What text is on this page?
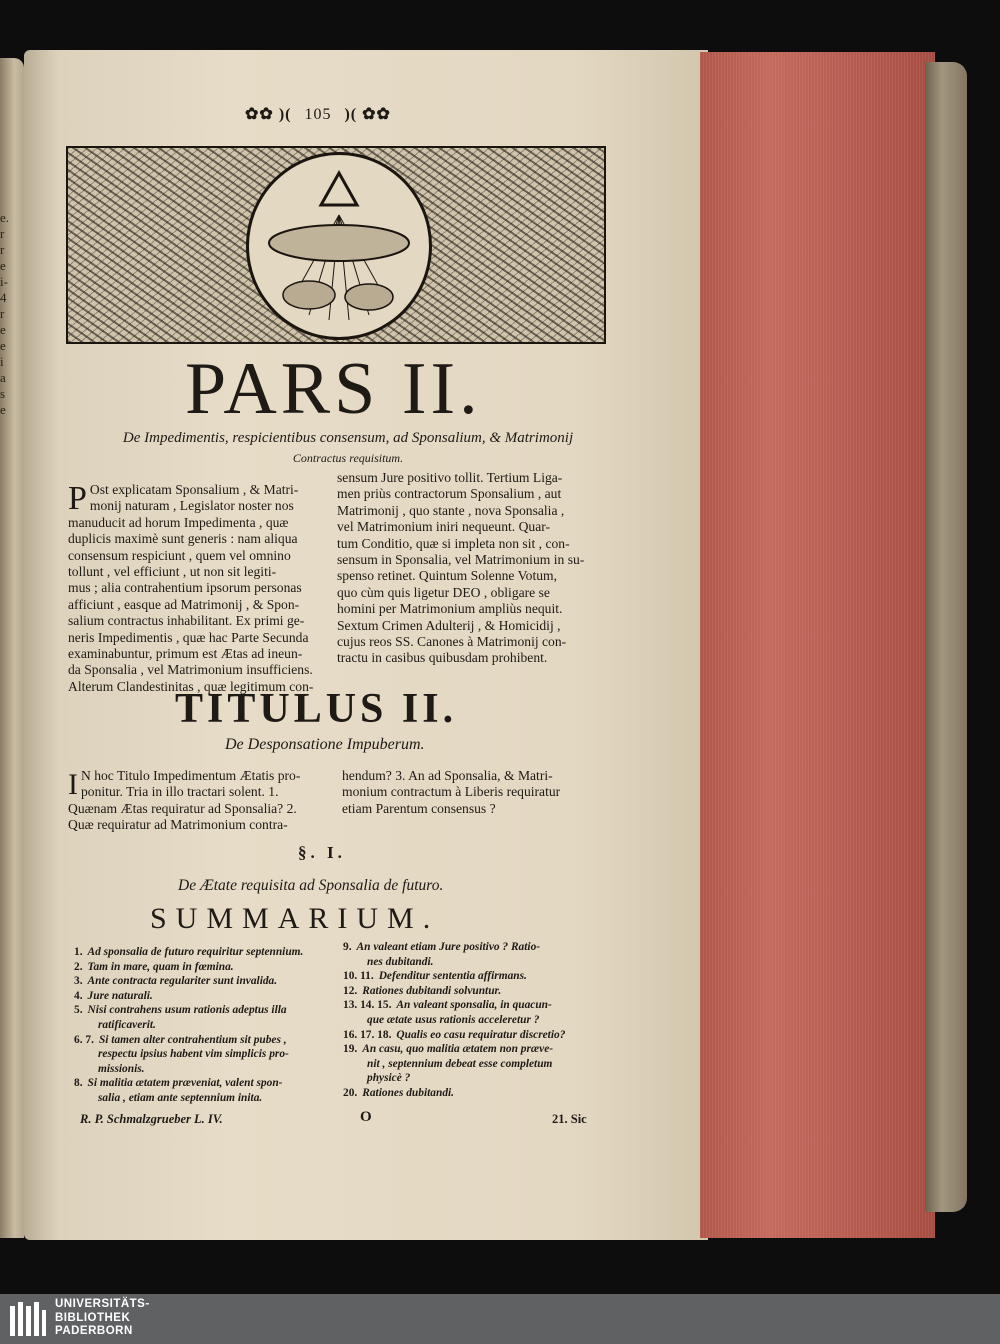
e.
r
r
e
i-
4
r
e
e
i
a
s
e
✿✿ )( 105 )( ✿✿
PARS II.
De Impedimentis, respicientibus consensum, ad Sponsalium, & Matrimonij
Contractus requisitum.
P Ost explicatam Sponsalium , & Matri-
monij naturam , Legislator noster nos
manuducit ad horum Impedimenta , quæ
duplicis maximè sunt generis : nam aliqua
consensum respiciunt , quem vel omnino
tollunt , vel efficiunt , ut non sit legiti-
mus ; alia contrahentium ipsorum personas
afficiunt , easque ad Matrimonij , & Spon-
salium contractus inhabilitant. Ex primi ge-
neris Impedimentis , quæ hac Parte Secunda
examinabuntur, primum est Ætas ad ineun-
da Sponsalia , vel Matrimonium insufficiens.
Alterum Clandestinitas , quæ legitimum con-
sensum Jure positivo tollit. Tertium Liga-
men priùs contractorum Sponsalium , aut
Matrimonij , quo stante , nova Sponsalia ,
vel Matrimonium iniri nequeunt. Quar-
tum Conditio, quæ si impleta non sit , con-
sensum in Sponsalia, vel Matrimonium in su-
spenso retinet. Quintum Solenne Votum,
quo cùm quis ligetur DEO , obligare se
homini per Matrimonium ampliùs nequit.
Sextum Crimen Adulterij , & Homicidij ,
cujus reos SS. Canones à Matrimonij con-
tractu in casibus quibusdam prohibent.
TITULUS II.
De Desponsatione Impuberum.
I N hoc Titulo Impedimentum Ætatis pro-
ponitur. Tria in illo tractari solent. 1.
Quænam Ætas requiratur ad Sponsalia? 2.
Quæ requiratur ad Matrimonium contra-
hendum? 3. An ad Sponsalia, & Matri-
monium contractum à Liberis requiratur
etiam Parentum consensus ?
§. I.
De Ætate requisita ad Sponsalia de futuro.
SUMMARIUM.
1. Ad sponsalia de futuro requiritur septennium.
2. Tam in mare, quam in fœmina.
3. Ante contracta regulariter sunt invalida.
4. Jure naturali.
5. Nisi contrahens usum rationis adeptus illa
ratificaverit.
6. 7. Si tamen alter contrahentium sit pubes ,
respectu ipsius habent vim simplicis pro-
missionis.
8. Si malitia ætatem præveniat, valent spon-
salia , etiam ante septennium inita.
9. An valeant etiam Jure positivo ? Ratio-
nes dubitandi.
10. 11. Defenditur sententia affirmans.
12. Rationes dubitandi solvuntur.
13. 14. 15. An valeant sponsalia, in quacun-
que ætate usus rationis acceleretur ?
16. 17. 18. Qualis eo casu requiratur discretio?
19. An casu, quo malitia ætatem non præve-
nit , septennium debeat esse completum
physicè ?
20. Rationes dubitandi.
R. P. Schmalzgrueber L. IV.	O	21. Sic
UNIVERSITÄTS-
BIBLIOTHEK
PADERBORN
